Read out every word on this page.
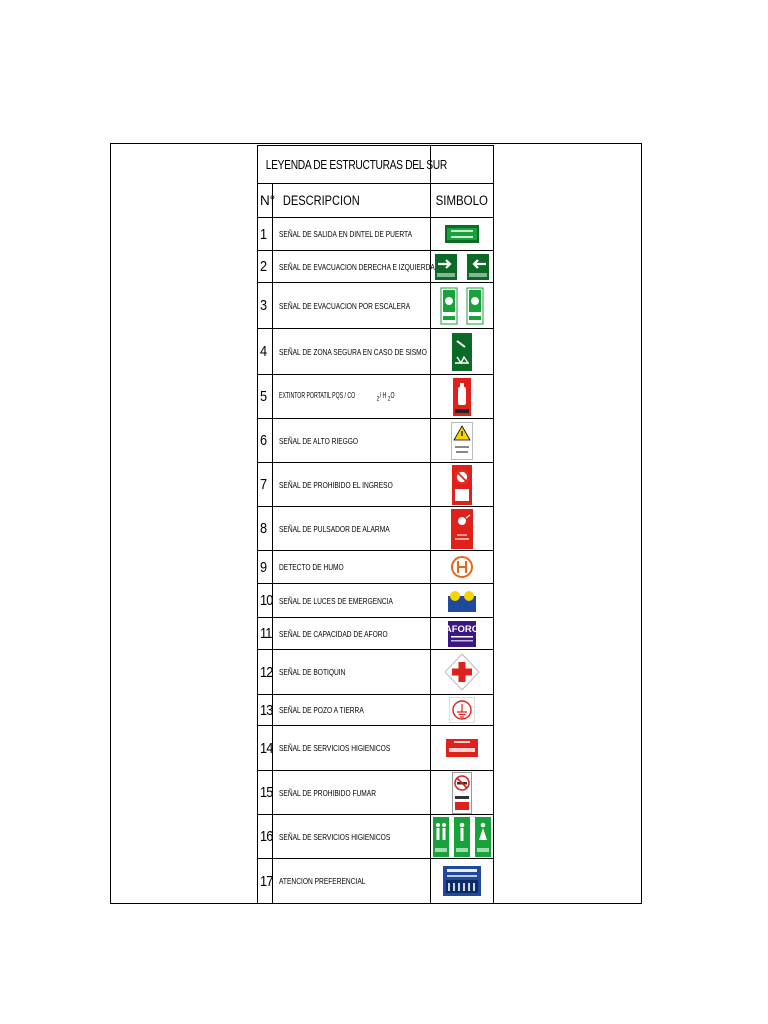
LEYENDA DE ESTRUCTURAS DEL SUR		
N°	DESCRIPCION	SIMBOLO
1	SEÑAL DE SALIDA EN DINTEL DE PUERTA	

2	SEÑAL DE EVACUACION DERECHA E IZQUIERDA	

3	SEÑAL DE EVACUACION POR ESCALERA	

4	SEÑAL DE ZONA SEGURA EN CASO DE SISMO	

5	EXTINTOR PORTATIL PQS / CO $_2$/ H $_2$O	

6	SEÑAL DE ALTO RIEGGO	

7	SEÑAL DE PROHIBIDO EL INGRESO	

8	SEÑAL DE PULSADOR DE ALARMA	

9	DETECTO DE HUMO	

10	SEÑAL DE LUCES DE EMERGENCIA	

11	SEÑAL DE CAPACIDAD DE AFORO	AFORO

12	SEÑAL DE BOTIQUIN	

13	SEÑAL DE POZO A TIERRA	

14	SEÑAL DE SERVICIOS HIGIENICOS	

15	SEÑAL DE PROHIBIDO FUMAR	

16	SEÑAL DE SERVICIOS HIGIENICOS	

17	ATENCION PREFERENCIAL	
